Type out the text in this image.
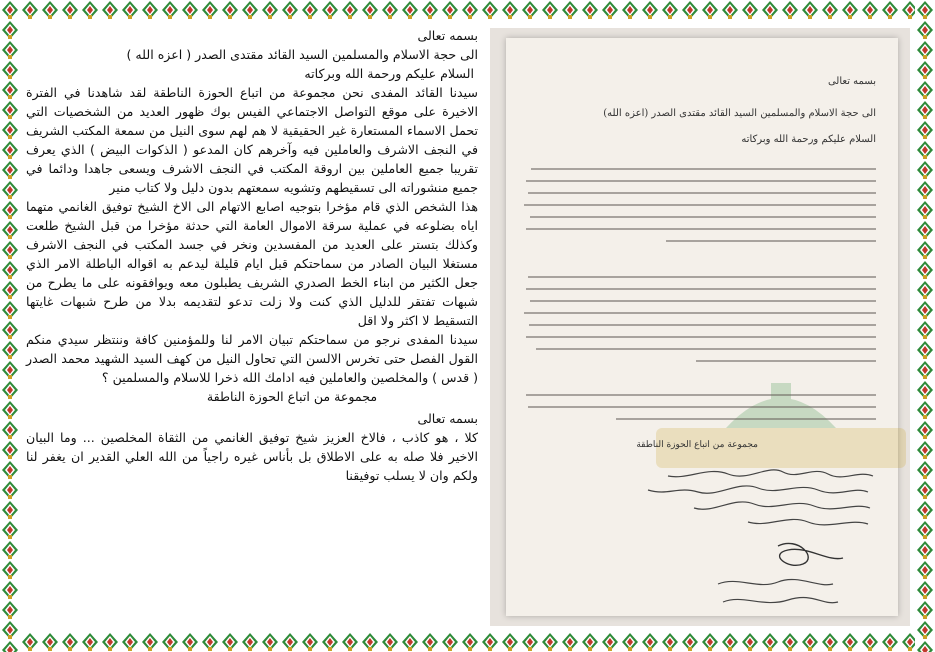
بسمه تعالى

الى حجة الاسلام والمسلمين السيد القائد مقتدى الصدر ( اعزه الله )

السلام عليكم ورحمة الله وبركاته

سيدنا القائد المفدى نحن مجموعة من اتباع الحوزة الناطقة لقد شاهدنا في الفترة الاخيرة على موقع التواصل الاجتماعي الفيس بوك ظهور العديد من الشخصيات التي تحمل الاسماء المستعارة غير الحقيقية لا هم لهم سوى النيل من سمعة المكتب الشريف في النجف الاشرف والعاملين فيه وآخرهم كان المدعو ( الذكوات البيض ) الذي يعرف تقريبا جميع العاملين بين اروقة المكتب في النجف الاشرف ويسعى جاهدا ودائما في جميع منشوراته الى تسقيطهم وتشويه سمعتهم بدون دليل ولا كتاب منير

هذا الشخص الذي قام مؤخرا بتوجيه اصابع الاتهام الى الاخ الشيخ توفيق الغانمي متهما اياه بضلوعه في عملية سرقة الاموال العامة التي حدثة مؤخرا من قبل الشيخ طلعت وكذلك بتستر على العديد من المفسدين ونخر في جسد المكتب في النجف الاشرف مستغلا البيان الصادر من سماحتكم قبل ايام قليلة ليدعم به اقواله الباطلة الامر الذي جعل الكثير من ابناء الخط الصدري الشريف يطبلون معه ويوافقونه على ما يطرح من شبهات تفتقر للدليل الذي كنت ولا زلت تدعو لتقديمه بدلا من طرح شبهات غايتها التسقيط لا اكثر ولا اقل

سيدنا المفدى نرجو من سماحتكم تبيان الامر لنا وللمؤمنين كافة وننتظر سيدي منكم القول الفصل حتى تخرس الالسن التي تحاول النيل من كهف السيد الشهيد محمد الصدر ( قدس ) والمخلصين والعاملين فيه ادامك الله ذخرا للاسلام والمسلمين ؟

مجموعة من اتباع الحوزة الناطقة

بسمه تعالى

كلا ، هو كاذب ، فالاخ العزيز شيخ توفيق الغانمي من الثقاة المخلصين ... وما البيان الاخير فلا صله به على الاطلاق بل بأناس غيره راجياً من الله العلي القدير ان يغفر لنا ولكم وان لا يسلب توفيقنا

بسمه تعالى
الى حجة الاسلام والمسلمين السيد القائد مقتدى الصدر (اعزه الله)
السلام عليكم ورحمة الله وبركاته
مجموعة من اتباع الحوزة الناطقة
